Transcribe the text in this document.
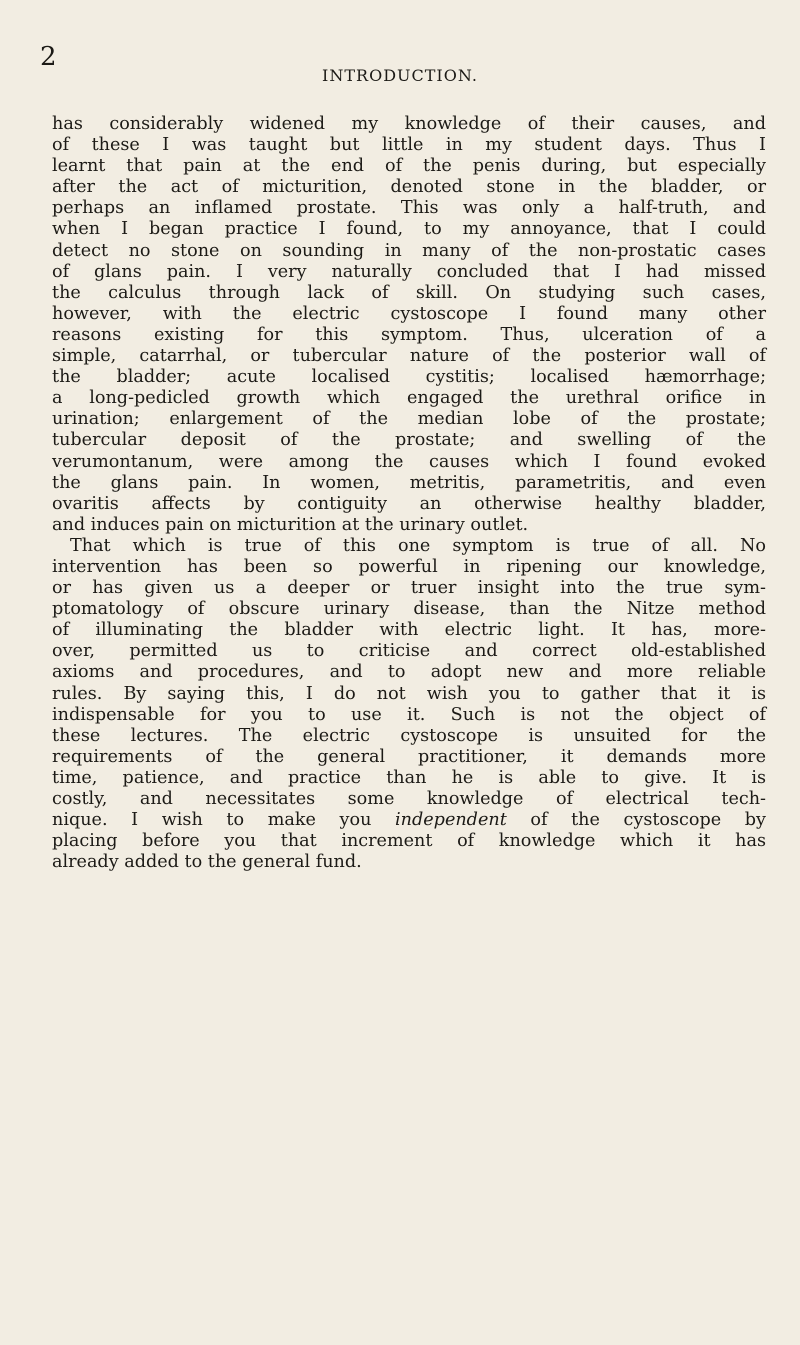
2
INTRODUCTION.
has considerably widened my knowledge of their causes, and
of these I was taught but little in my student days. Thus I
learnt that pain at the end of the penis during, but especially
after the act of micturition, denoted stone in the bladder, or
perhaps an inflamed prostate. This was only a half-truth, and
when I began practice I found, to my annoyance, that I could
detect no stone on sounding in many of the non-prostatic cases
of glans pain. I very naturally concluded that I had missed
the calculus through lack of skill. On studying such cases,
however, with the electric cystoscope I found many other
reasons existing for this symptom. Thus, ulceration of a
simple, catarrhal, or tubercular nature of the posterior wall of
the bladder; acute localised cystitis; localised hæmorrhage;
a long-pedicled growth which engaged the urethral orifice in
urination; enlargement of the median lobe of the prostate;
tubercular deposit of the prostate; and swelling of the
verumontanum, were among the causes which I found evoked
the glans pain. In women, metritis, parametritis, and even
ovaritis affects by contiguity an otherwise healthy bladder,
and induces pain on micturition at the urinary outlet.
That which is true of this one symptom is true of all. No
intervention has been so powerful in ripening our knowledge,
or has given us a deeper or truer insight into the true sym-
ptomatology of obscure urinary disease, than the Nitze method
of illuminating the bladder with electric light. It has, more-
over, permitted us to criticise and correct old-established
axioms and procedures, and to adopt new and more reliable
rules. By saying this, I do not wish you to gather that it is
indispensable for you to use it. Such is not the object of
these lectures. The electric cystoscope is unsuited for the
requirements of the general practitioner, it demands more
time, patience, and practice than he is able to give. It is
costly, and necessitates some knowledge of electrical tech-
nique. I wish to make you independent of the cystoscope by
placing before you that increment of knowledge which it has
already added to the general fund.
